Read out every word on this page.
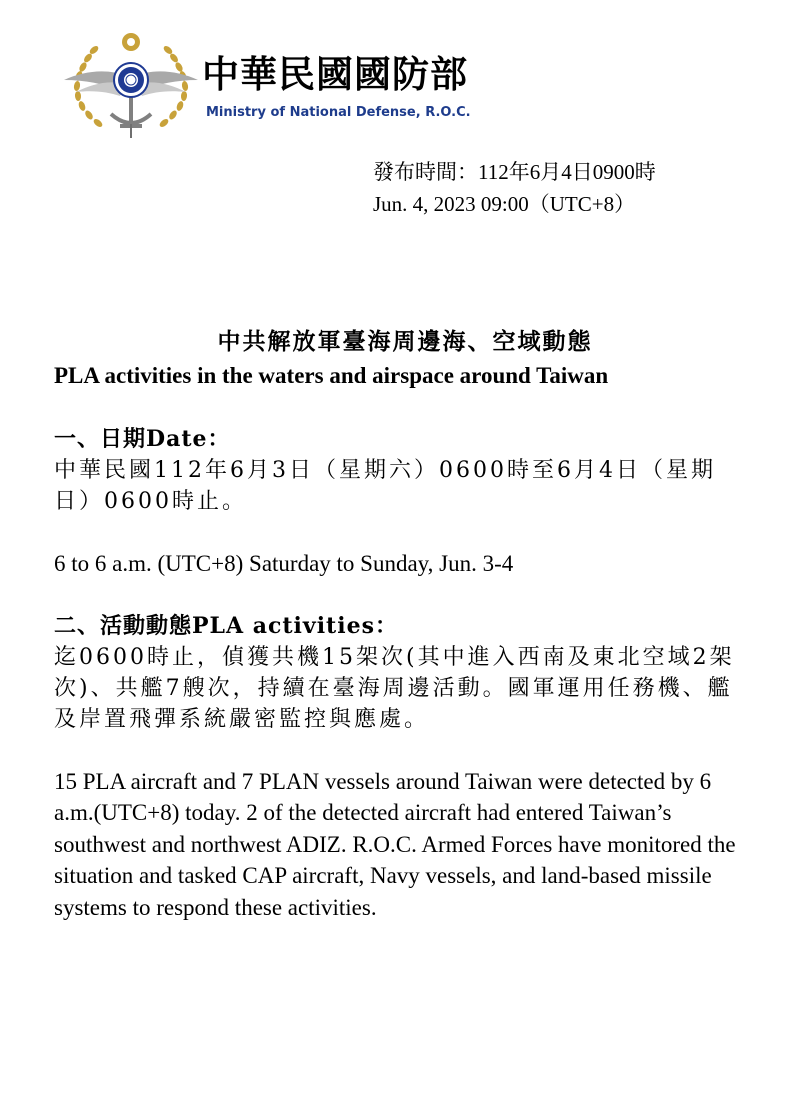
中華民國國防部
Ministry of National Defense, R.O.C.
發布時間：112年6月4日0900時
Jun. 4, 2023 09:00（UTC+8）
中共解放軍臺海周邊海、空域動態
PLA activities in the waters and airspace around Taiwan
一、日期Date：
中華民國112年6月3日（星期六）0600時至6月4日（星期日）0600時止。
6 to 6 a.m. (UTC+8) Saturday to Sunday, Jun. 3-4
二、活動動態PLA activities：
迄0600時止，偵獲共機15架次(其中進入西南及東北空域2架次)、共艦7艘次，持續在臺海周邊活動。國軍運用任務機、艦及岸置飛彈系統嚴密監控與應處。
15 PLA aircraft and 7 PLAN vessels around Taiwan were detected by 6 a.m.(UTC+8) today. 2 of the detected aircraft had entered Taiwan’s southwest and northwest ADIZ. R.O.C. Armed Forces have monitored the situation and tasked CAP aircraft, Navy vessels, and land-based missile systems to respond these activities.
